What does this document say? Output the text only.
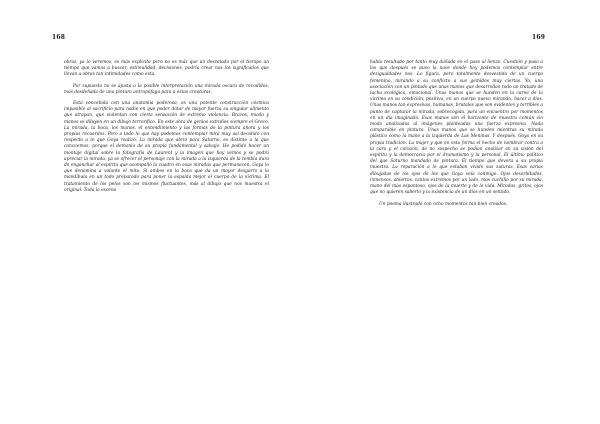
168	169

obras, ya lo veremos, es más explícita pero no es más que un desvelado por el tiempo un tiempo que vamos a buscar, estimulidad, decisiones, podría crear nos los significados que llevan a obras tan intimidades como esta.

Por supuesto no se ajusta a la posible interpretación una mirada oscura de recodidos, más desdeñada de una pintura antropófaga para a estas creaturas.

Está concebida con una anatomía poderosa, es una potente construcción cósmica impasible al sacrificio para nadie en que poder dotar de mayor fuerza su singular alimento que atrapan, que violentan con cierta sensación de extremo violencia. Brazos, muslo y manos se diluyen en un dibujo terrorífico. En este obra de genios extraños siempre el Greco. La mirada, la boca, los manos, el entendimiento y las formas de la pintura ahora y los propios recuerdos. Pero a todo lo que hay podemos contemplar mirá muy así decidido con respecto a lo que Goya realizó. La mirada que abrió para Saturno, es distinto a la que conocemos, porque el demonio de su propia fundamental y salvaje. He podido hacer un montaje digital sobre la fotografía de Laurent y la imagen que hoy vemos y se podrá apreciar la mirada, ya se ofrecer el personaje con la mirada a la izquierda de la tembla dura de enganchar al espíritu que acompañó la cuadro en esas miradas que permanecen. Goya lo que denomina a volante el mito. Si ambos en la boca que da un mayor desgarro a la mandíbula en un todo preparado para poner la espalda mejor el cuerpo de la víctima. El tratamiento de los pelos son los mismos fluctuantes, más al dibujo que nos muestra el original. Toda la escena

había resultado por tanto muy dañada en el paso al lienzo. Cuestión y paso a los que después se puso la nave donde hoy podemos contemplar entre desigualdades nos. Lo figura, pero totalmente desvestida de un cuerpo femenino, mirando a su conflicto a sus gemidos muy ciertas. Yo, una asociación con un pintado que unas manos que desarrollan todo un tratado de lucha ecológica, emocional. Unas manos que se hunden en la carne de la víctima en su condición, positiva, en un cuerpo nuevo mirando, hacer a dios. Unas manos tan expresivas, humanas, brutales que son evidentes y terribles a punto de capturar la mirada, sobrecogida, para un encuentro por momentos en un día imaginado. Esas manos son el horizonte de muestra común sin modo analizadas al imágenes planteadas una fuerza expresiva. Nada comparable en pintura. Unas manos que se hunden mientras su mirada plástico como la mano a la izquierda de Las Meninas. Y después, Goya en su propia tradición. La mujer y que en esta forma el hecho de nombrar contra a la cara y el corazón, de no sospecho se podían analizar en su visión del espíritu y la democracia por el dramatismo y la personal. El último político del que Saturno mandado de pintura. El tiempo que devora a su propia muestra. La reparación a lo que estaban vivido sus suturas. Esas varias dibujadas de los ojos de los que Goya veía conmigo. Ojos desorbitados, inmensos, abiertos, cantos extremos por un lado, mas cuchillo por su mirada, mano del más espantoso, ojos de la muerte y de la vida. Miradas, gritos, ojos que no quieren saberlo y la existencia de un dios en un sentido.

Un poema ilustrado con ocho momentos tan bien creados.
